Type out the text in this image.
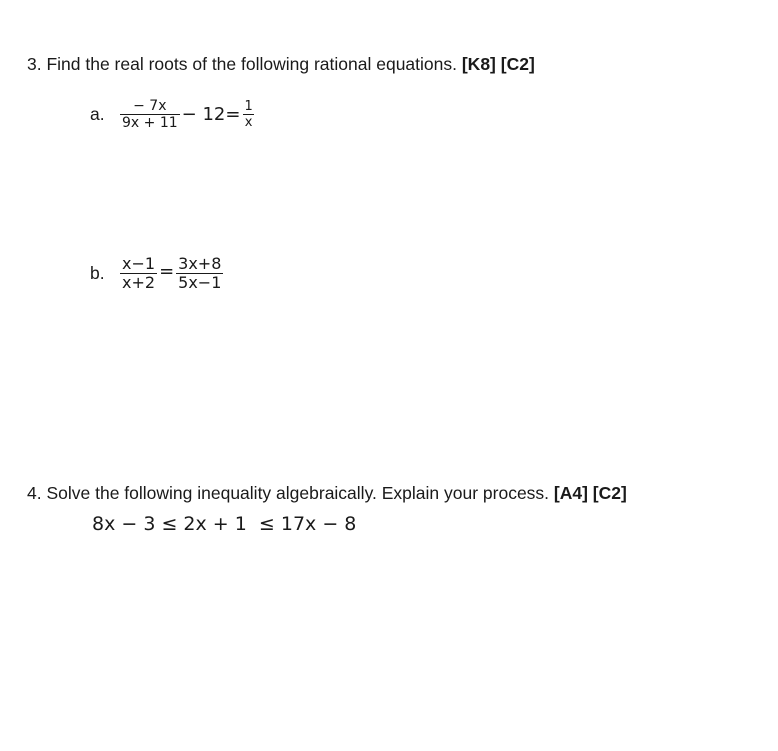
3. Find the real roots of the following rational equations. [K8] [C2]
a.	$\frac{- 7x}{9x + 11} - 12= \frac{1}{x}$
b. $\frac{x-1}{x+2} = \frac{3x+8}{5x-1}$
4. Solve the following inequality algebraically. Explain your process. [A4] [C2]
8x − 3 ≤ 2x + 1  ≤ 17x − 8
